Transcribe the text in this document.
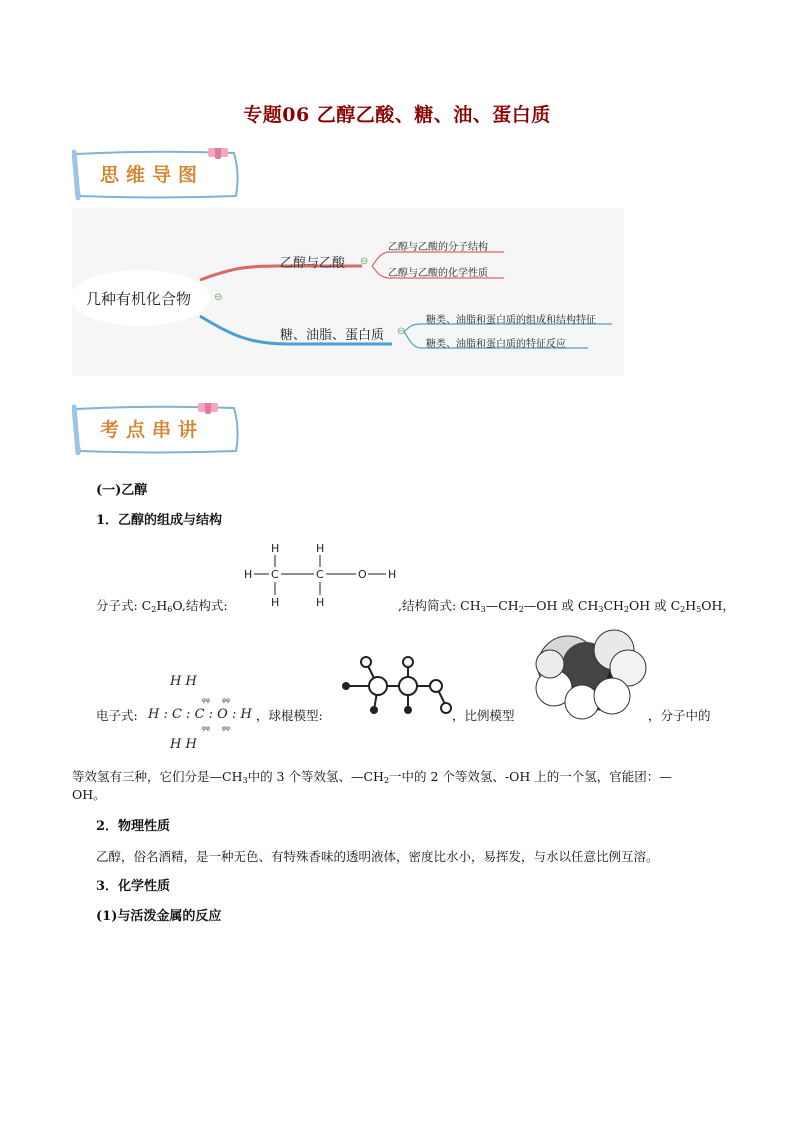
专题06 乙醇乙酸、糖、油、蛋白质
思维导图
几种有机化合物 ⊖
乙醇与乙酸 ⊖
乙醇与乙酸的分子结构
乙醇与乙酸的化学性质
糖、油脂、蛋白质 ⊖
糖类、油脂和蛋白质的组成和结构特征
糖类、油脂和蛋白质的特征反应
考点串讲
(一)乙醇
1．乙醇的组成与结构
H	H
H C	C	O H
H	H
分子式: $C_2H_6O$,结构式:	,结构简式: $CH_3—CH_2—OH$ 或 $CH_3CH_2OH$ 或 $C_2H_5OH$，
H H
H : C : C : O : H
H H
φφ φφ
φφ φφ
电子式:	，球棍模型:	，比例模型	，分子中的
等效氢有三种，它们分是$—CH_3$中的 3 个等效氢、$—CH_2$一中的 2 个等效氢、-OH 上的一个氢，官能团：—
OH。
2．物理性质
乙醇，俗名酒精，是一种无色、有特殊香味的透明液体，密度比水小，易挥发，与水以任意比例互溶。
3．化学性质
(1)与活泼金属的反应
